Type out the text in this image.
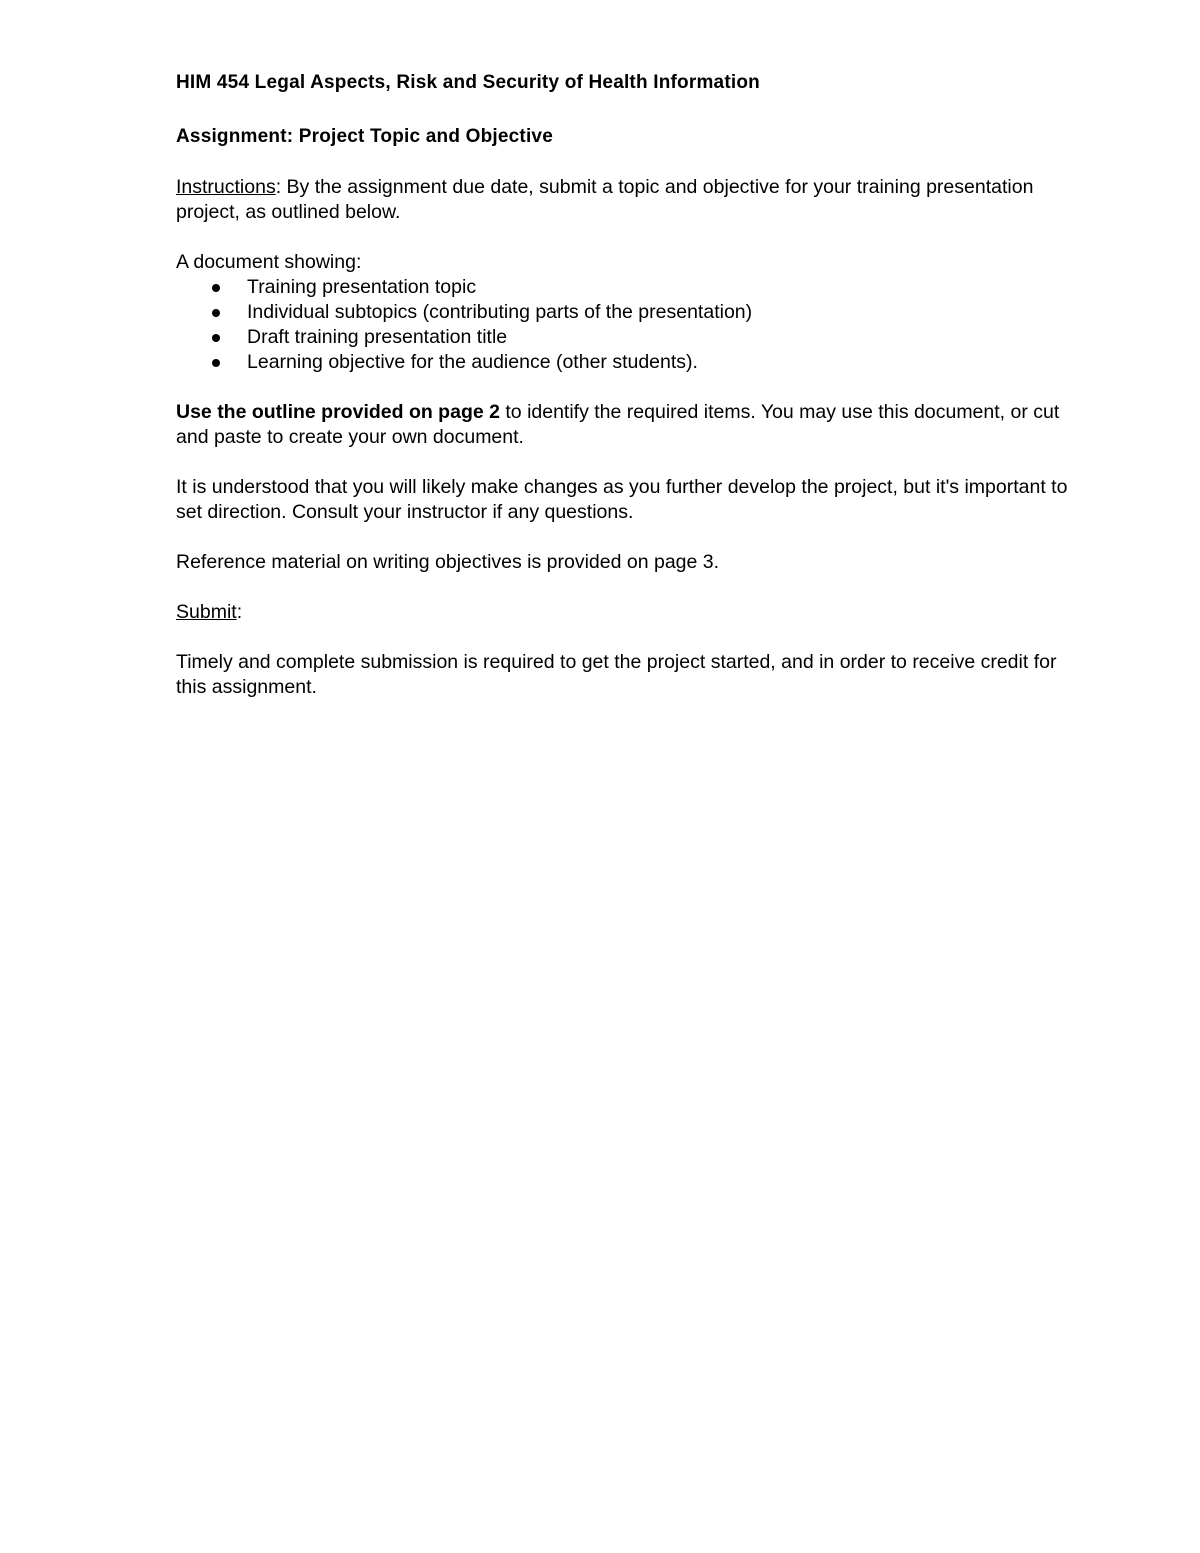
HIM 454 Legal Aspects, Risk and Security of Health Information
Assignment: Project Topic and Objective

Instructions: By the assignment due date, submit a topic and objective for your training presentation project, as outlined below.

A document showing:

Training presentation topic
Individual subtopics (contributing parts of the presentation)
Draft training presentation title
Learning objective for the audience (other students).

Use the outline provided on page 2 to identify the required items. You may use this document, or cut and paste to create your own document.

It is understood that you will likely make changes as you further develop the project, but it's important to set direction. Consult your instructor if any questions.

Reference material on writing objectives is provided on page 3.

Submit:

Timely and complete submission is required to get the project started, and in order to receive credit for this assignment.
